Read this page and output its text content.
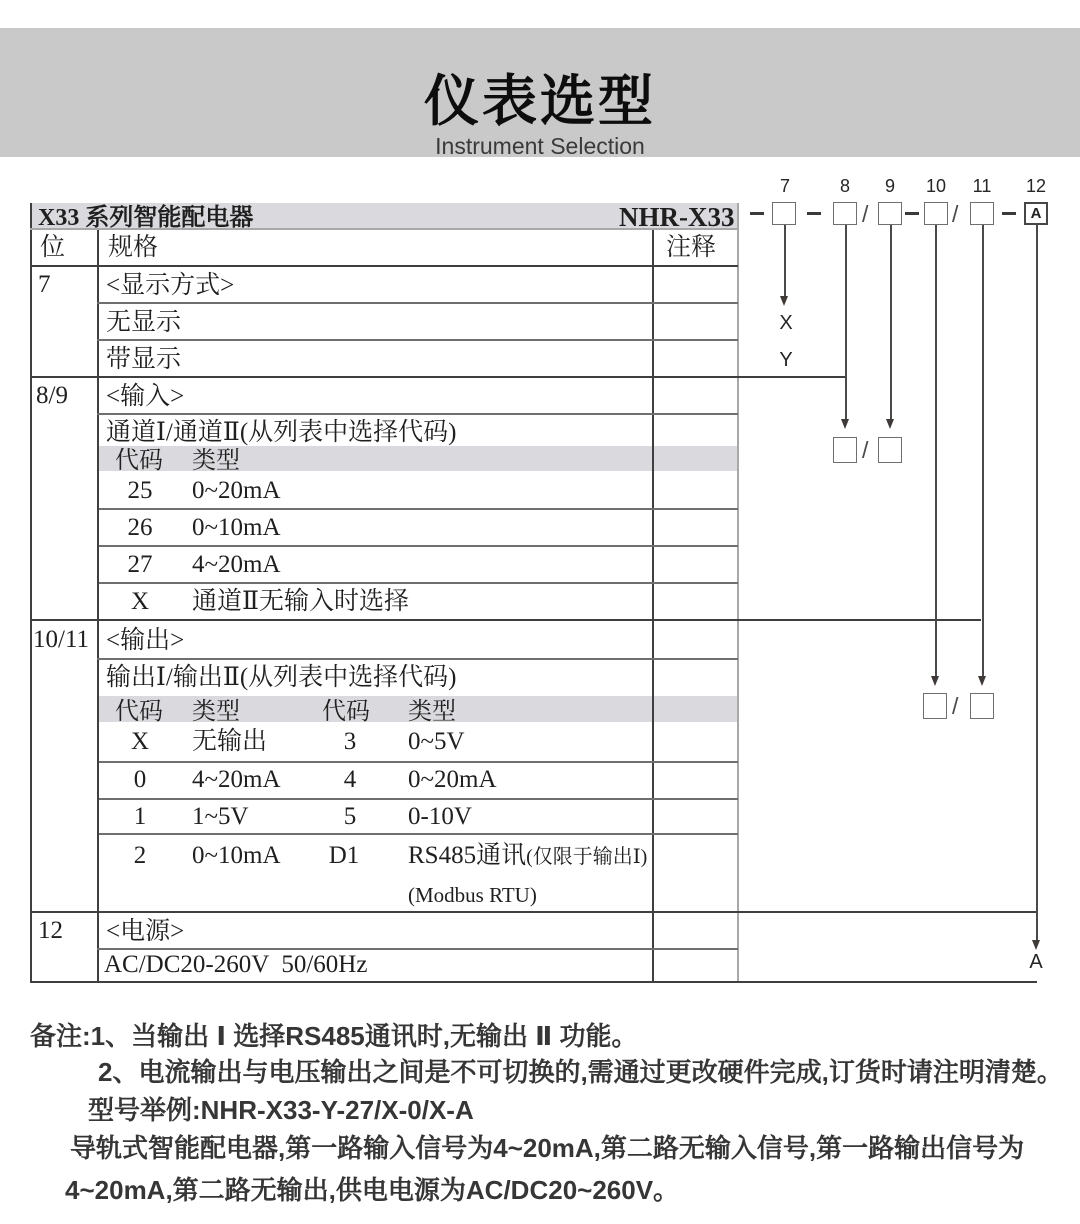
仪表选型
Instrument Selection
X33 系列智能配电器	NHR-X33
位 规格	注释
7 <显示方式>
无显示
带显示
8/9 <输入>
通道Ⅰ/通道Ⅱ(从列表中选择代码)
代码 类型
25	0~20mA
26	0~10mA
27	4~20mA
X	通道Ⅱ无输入时选择
10/11 <输出>
输出Ⅰ/输出Ⅱ(从列表中选择代码)
代码 类型	代码 类型
X	无输出	3	0~5V
0	4~20mA	4	0~20mA
1	1~5V	5	0-10V
2	0~10mA	D1	RS485通讯(仅限于输出Ⅰ)
(Modbus RTU)
12 <电源>
AC/DC20-260V  50/60Hz
7	8 9 10 11 12
/	/	A
X
Y
A
/
/
备注:1、当输出 Ⅰ 选择RS485通讯时,无输出 Ⅱ 功能。
2、电流输出与电压输出之间是不可切换的,需通过更改硬件完成,订货时请注明清楚。
型号举例:NHR-X33-Y-27/X-0/X-A
导轨式智能配电器,第一路输入信号为4~20mA,第二路无输入信号,第一路输出信号为
4~20mA,第二路无输出,供电电源为AC/DC20~260V。
